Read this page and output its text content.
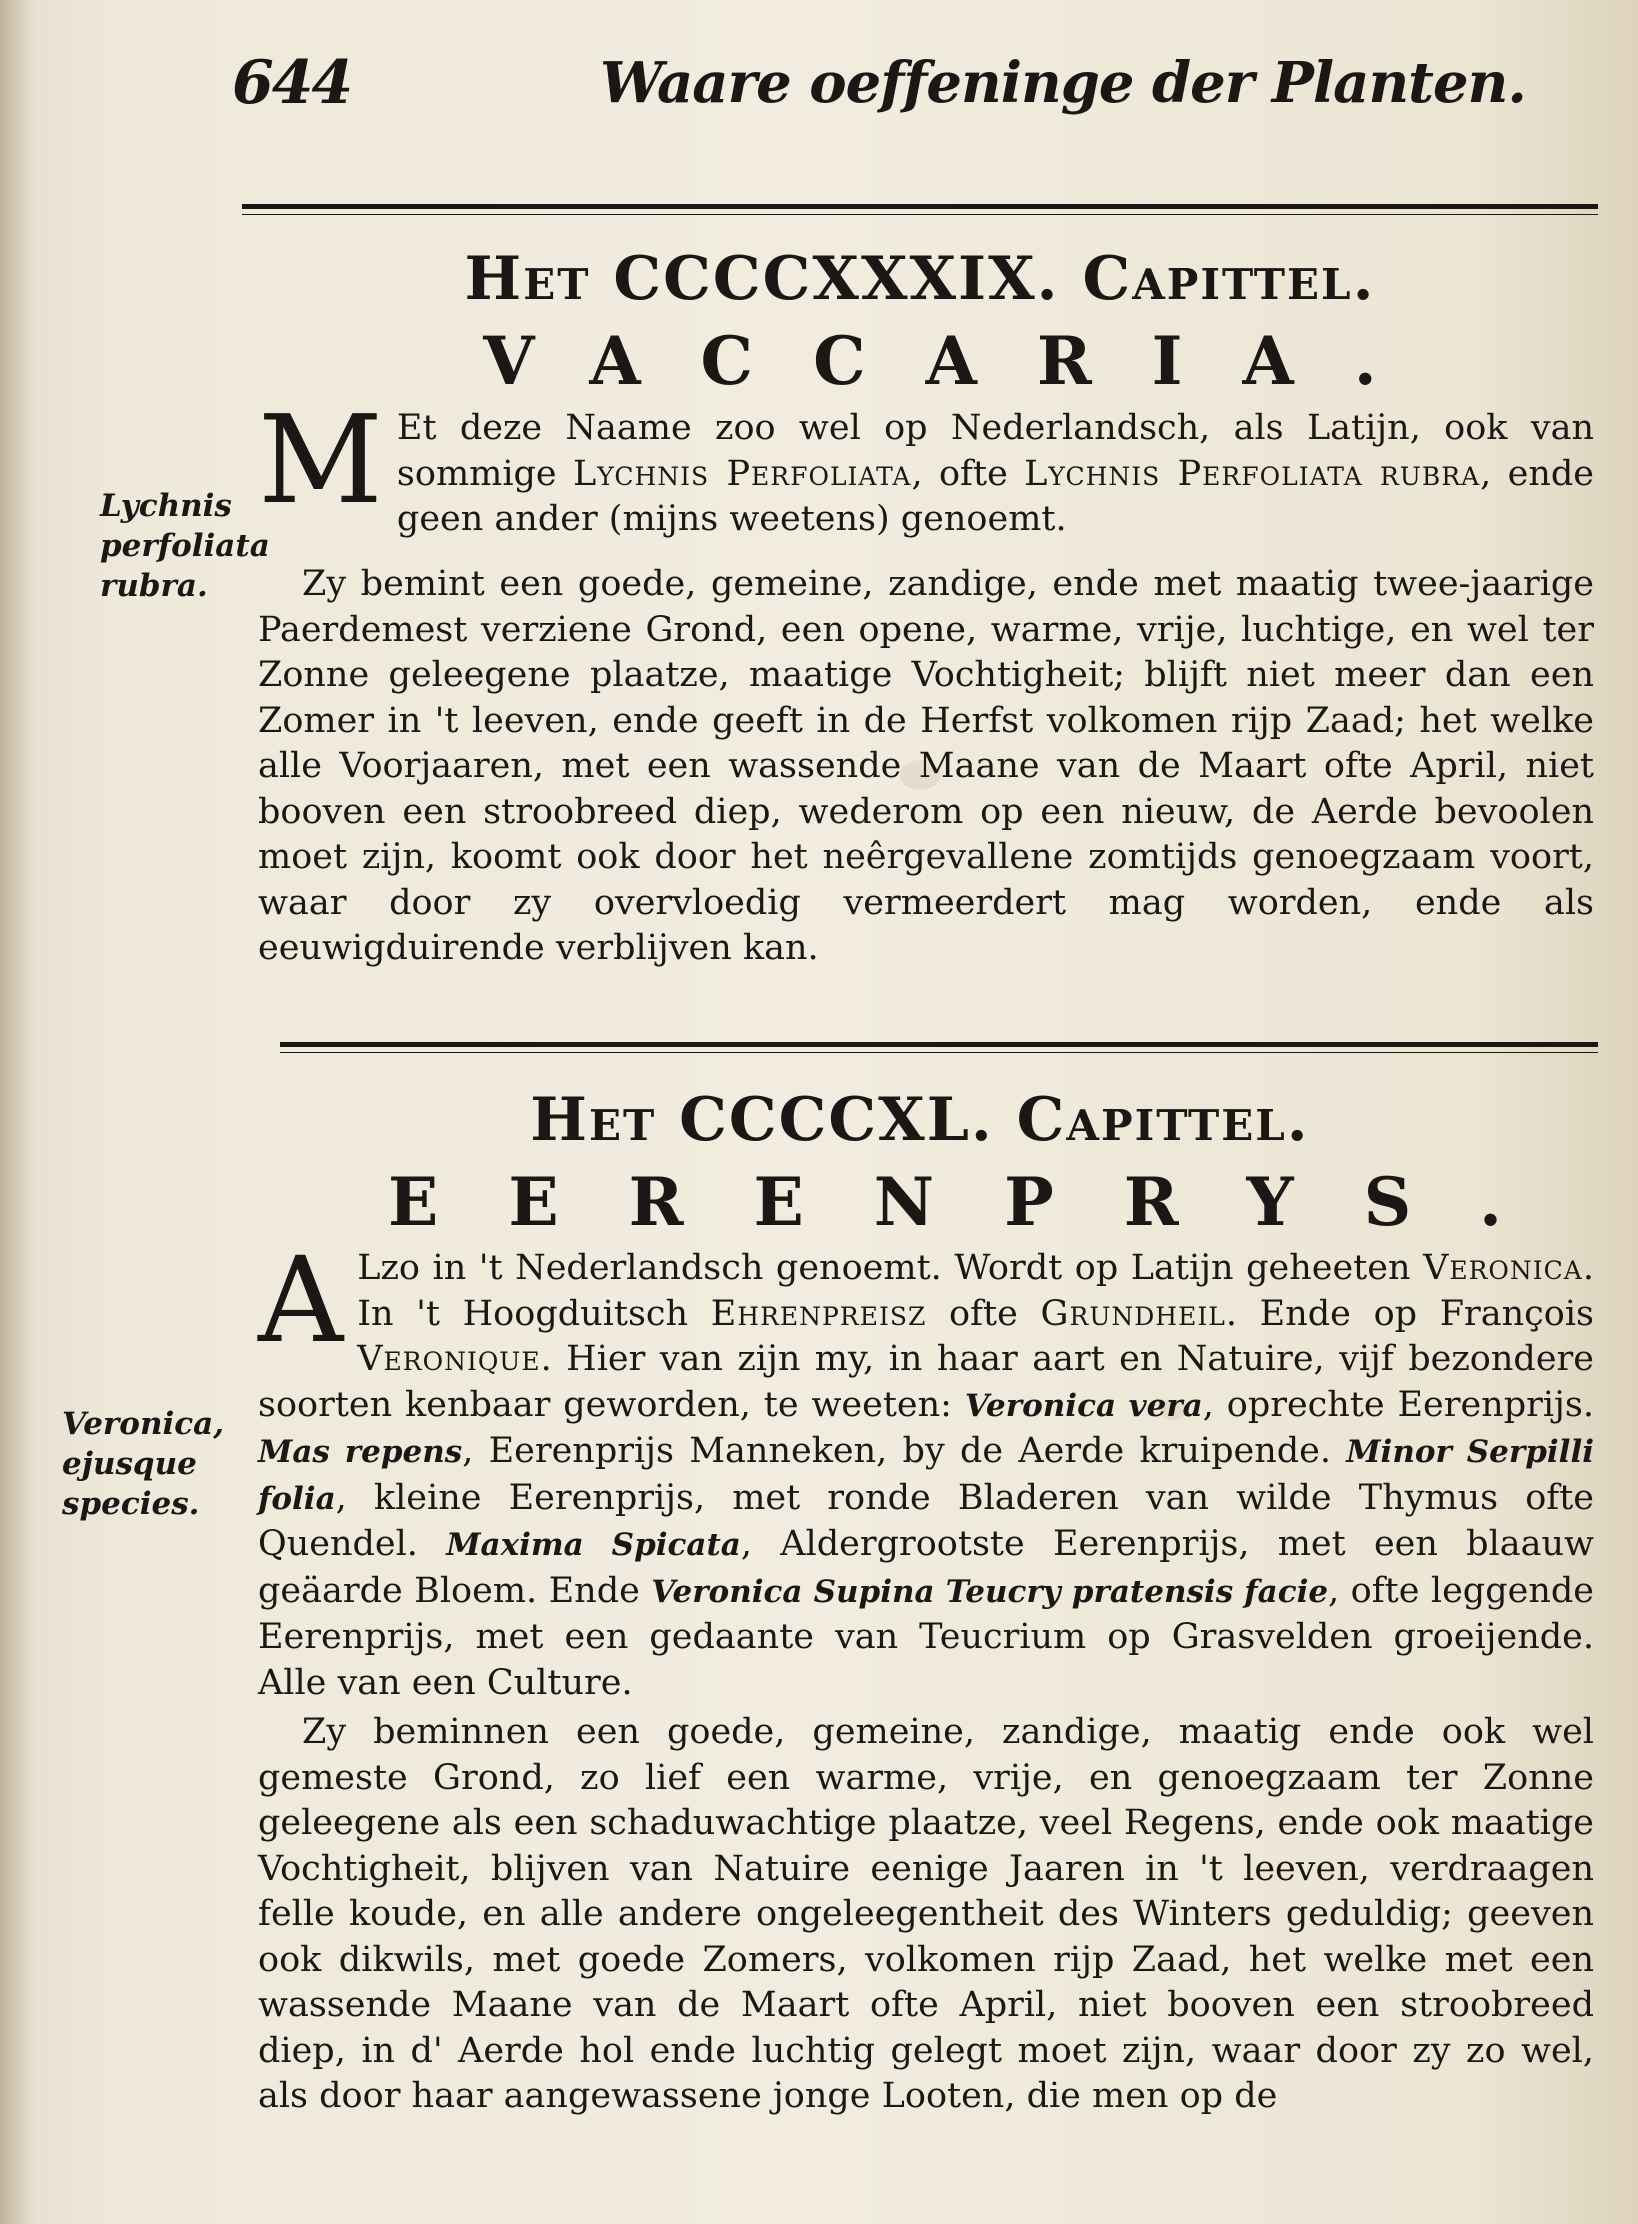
644	Waare oeffeninge der Planten.
Het CCCCXXXIX. Capittel.
VACCARIA.
Lychnis perfoliata rubra.

M Et deze Naame zoo wel op Nederlandsch, als Latijn, ook van sommige Lychnis Perfoliata, ofte Lychnis Perfoliata rubra, ende geen ander (mijns weetens) genoemt.

Zy bemint een goede, gemeine, zandige, ende met maatig twee-jaarige Paerdemest verziene Grond, een opene, warme, vrije, luchtige, en wel ter Zonne geleegene plaatze, maatige Vochtigheit; blijft niet meer dan een Zomer in 't leeven, ende geeft in de Herfst volkomen rijp Zaad; het welke alle Voorjaaren, met een wassende Maane van de Maart ofte April, niet booven een stroobreed diep, wederom op een nieuw, de Aerde bevoolen moet zijn, koomt ook door het neêrgevallene zomtijds genoegzaam voort, waar door zy overvloedig vermeerdert mag worden, ende als eeuwigduirende verblijven kan.

Het CCCCXL. Capittel.
EERENPRYS.
Veronica, ejusque species.

A Lzo in 't Nederlandsch genoemt. Wordt op Latijn geheeten Veronica. In 't Hoogduitsch Ehrenpreisz ofte Grundheil. Ende op François Veronique. Hier van zijn my, in haar aart en Natuire, vijf bezondere soorten kenbaar geworden, te weeten: Veronica vera, oprechte Eerenprijs. Mas repens, Eerenprijs Manneken, by de Aerde kruipende. Minor Serpilli folia, kleine Eerenprijs, met ronde Bladeren van wilde Thymus ofte Quendel. Maxima Spicata, Aldergrootste Eerenprijs, met een blaauw geäarde Bloem. Ende Veronica Supina Teucry pratensis facie, ofte leggende Eerenprijs, met een gedaante van Teucrium op Grasvelden groeijende. Alle van een Culture.

Zy beminnen een goede, gemeine, zandige, maatig ende ook wel gemeste Grond, zo lief een warme, vrije, en genoegzaam ter Zonne geleegene als een schaduwachtige plaatze, veel Regens, ende ook maatige Vochtigheit, blijven van Natuire eenige Jaaren in 't leeven, verdraagen felle koude, en alle andere ongeleegentheit des Winters geduldig; geeven ook dikwils, met goede Zomers, volkomen rijp Zaad, het welke met een wassende Maane van de Maart ofte April, niet booven een stroobreed diep, in d' Aerde hol ende luchtig gelegt moet zijn, waar door zy zo wel, als door haar aangewassene jonge Looten, die men op de
